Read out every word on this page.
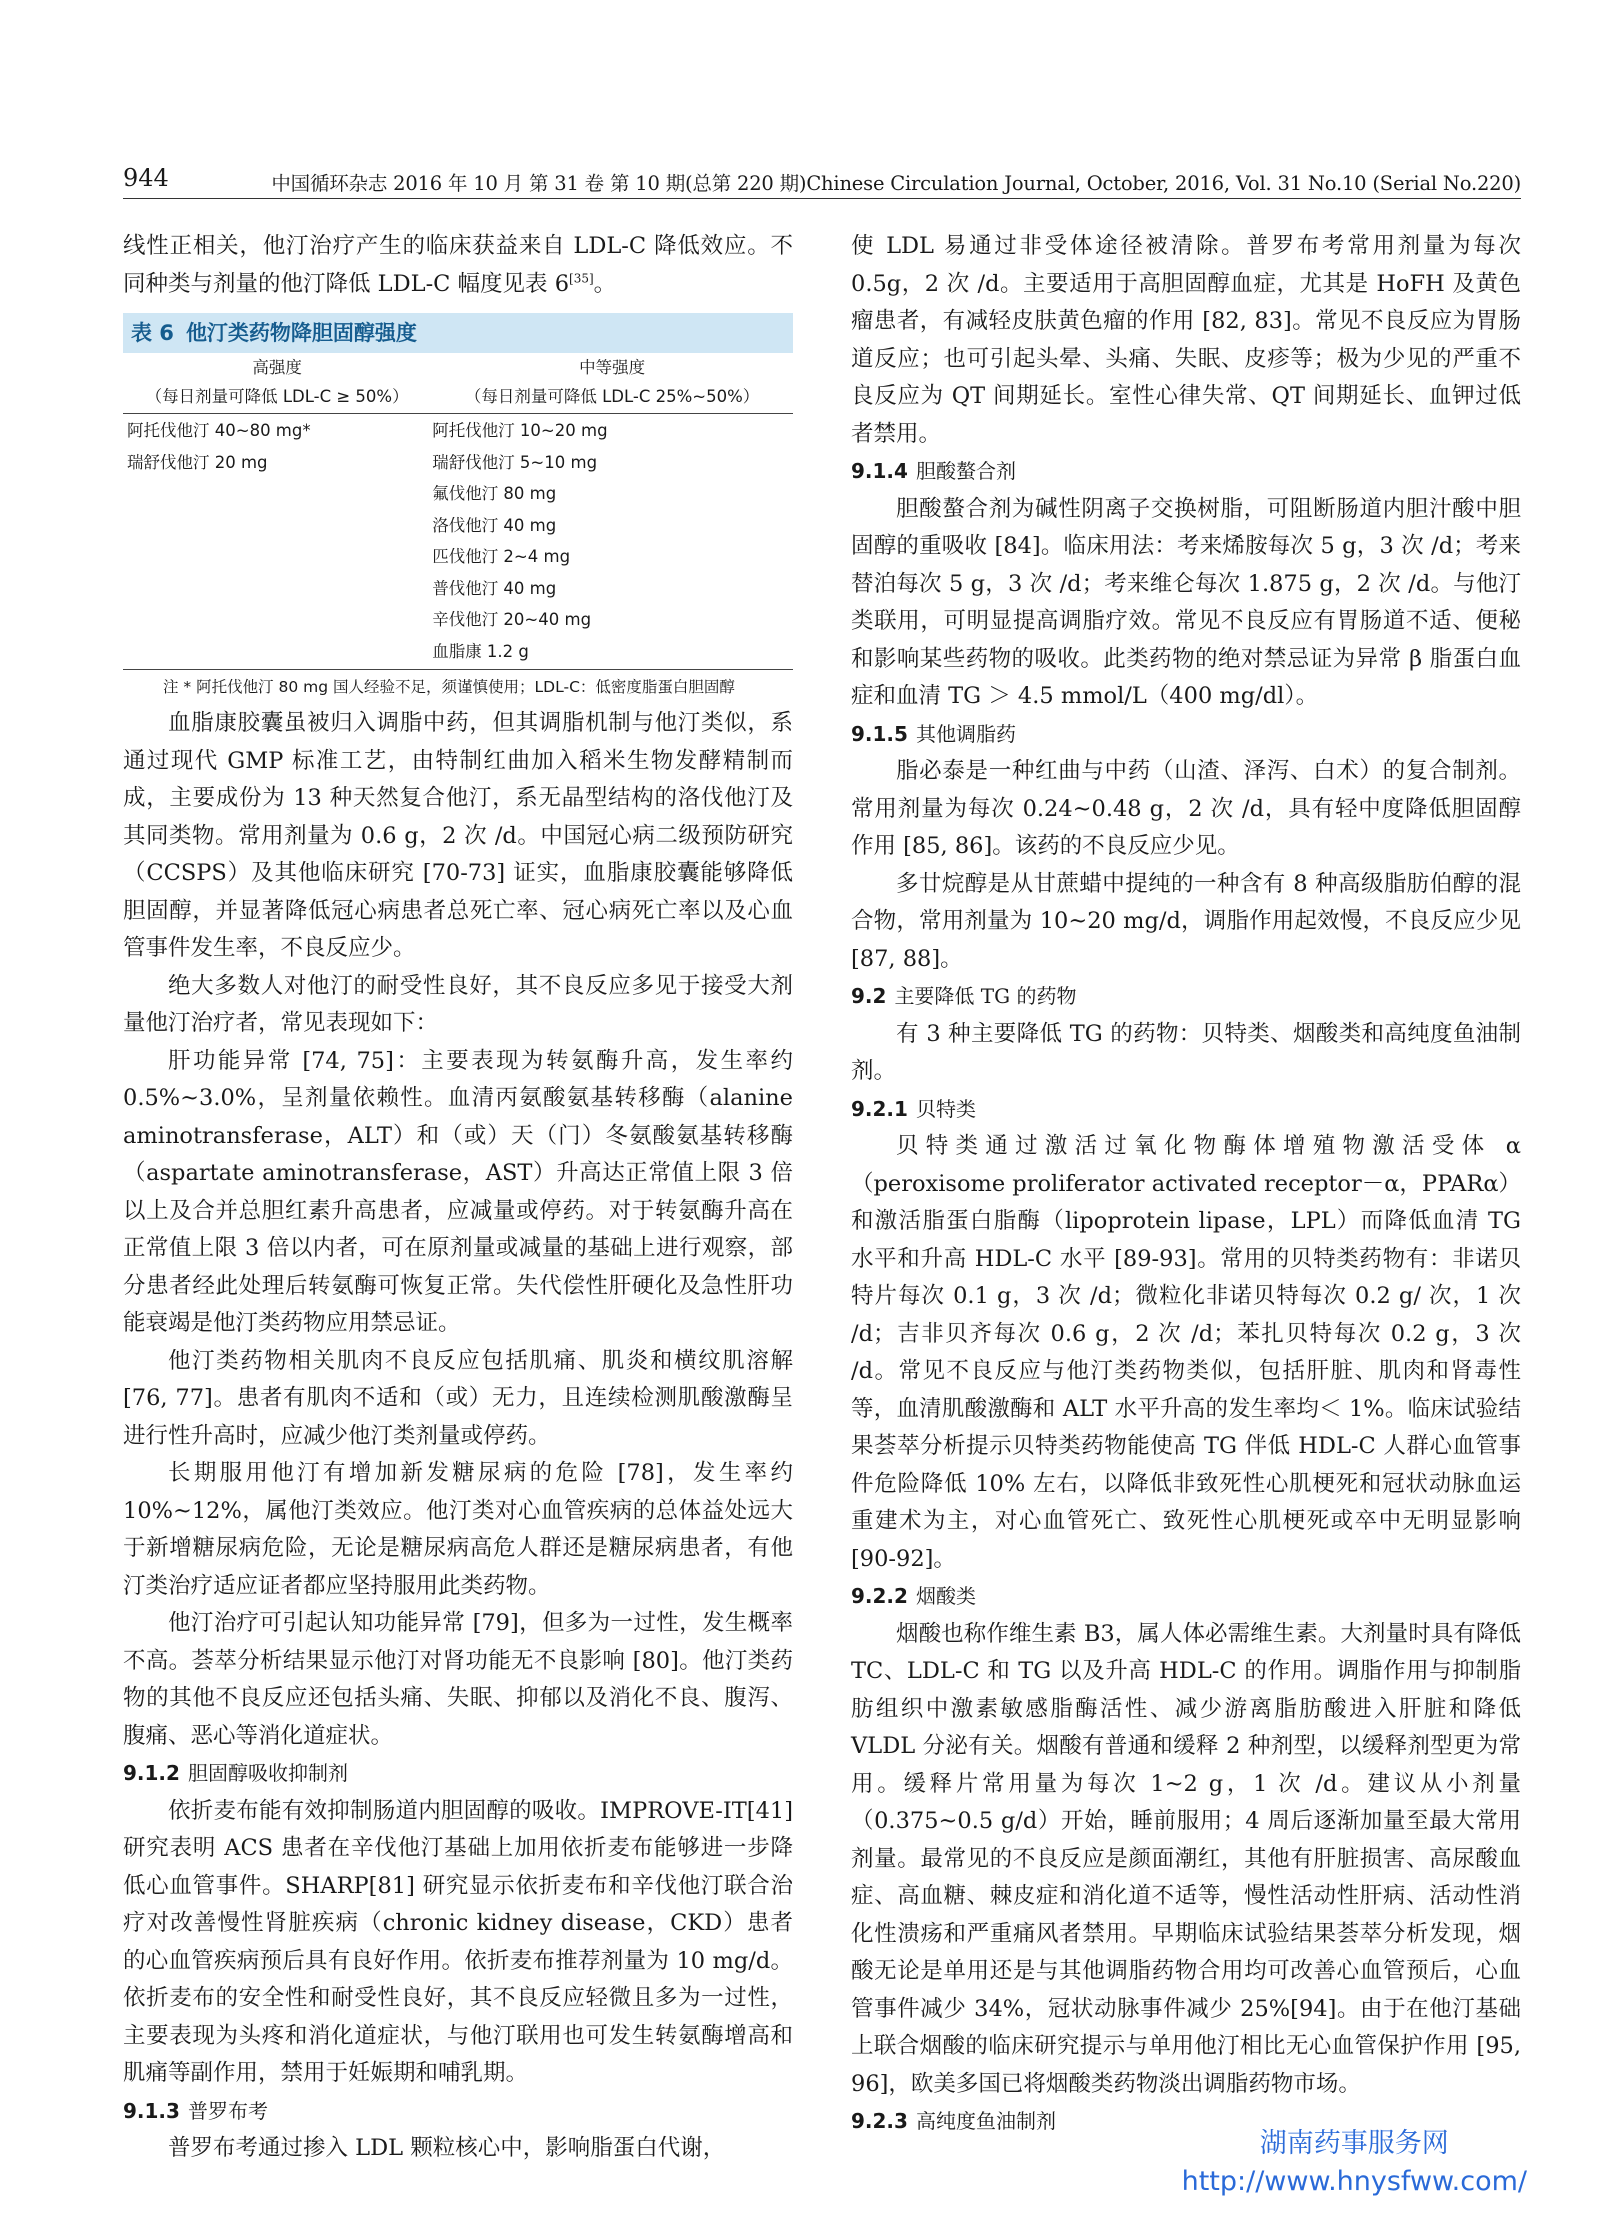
944	中国循环杂志 2016 年 10 月 第 31 卷 第 10 期(总第 220 期)Chinese Circulation Journal, October, 2016, Vol. 31 No.10 (Serial No.220)

线性正相关，他汀治疗产生的临床获益来自 LDL-C 降低效应。不同种类与剂量的他汀降低 LDL-C 幅度见表 6[35]。

表 6 他汀类药物降胆固醇强度
高强度	中等强度
（每日剂量可降低 LDL-C ≥ 50%）	（每日剂量可降低 LDL-C 25%~50%）
阿托伐他汀 40~80 mg*	阿托伐他汀 10~20 mg
瑞舒伐他汀 20 mg	瑞舒伐他汀 5~10 mg
	氟伐他汀 80 mg
	洛伐他汀 40 mg
	匹伐他汀 2~4 mg
	普伐他汀 40 mg
	辛伐他汀 20~40 mg
	血脂康 1.2 g

注 * 阿托伐他汀 80 mg 国人经验不足，须谨慎使用；LDL-C：低密度脂蛋白胆固醇

血脂康胶囊虽被归入调脂中药，但其调脂机制与他汀类似，系通过现代 GMP 标准工艺，由特制红曲加入稻米生物发酵精制而成，主要成份为 13 种天然复合他汀，系无晶型结构的洛伐他汀及其同类物。常用剂量为 0.6 g，2 次 /d。中国冠心病二级预防研究（CCSPS）及其他临床研究 [70-73] 证实，血脂康胶囊能够降低胆固醇，并显著降低冠心病患者总死亡率、冠心病死亡率以及心血管事件发生率，不良反应少。

绝大多数人对他汀的耐受性良好，其不良反应多见于接受大剂量他汀治疗者，常见表现如下：

肝功能异常 [74, 75]：主要表现为转氨酶升高，发生率约 0.5%~3.0%，呈剂量依赖性。血清丙氨酸氨基转移酶（alanine aminotransferase，ALT）和（或）天（门）冬氨酸氨基转移酶（aspartate aminotransferase，AST）升高达正常值上限 3 倍以上及合并总胆红素升高患者，应减量或停药。对于转氨酶升高在正常值上限 3 倍以内者，可在原剂量或减量的基础上进行观察，部分患者经此处理后转氨酶可恢复正常。失代偿性肝硬化及急性肝功能衰竭是他汀类药物应用禁忌证。

他汀类药物相关肌肉不良反应包括肌痛、肌炎和横纹肌溶解 [76, 77]。患者有肌肉不适和（或）无力，且连续检测肌酸激酶呈进行性升高时，应减少他汀类剂量或停药。

长期服用他汀有增加新发糖尿病的危险 [78]，发生率约 10%~12%，属他汀类效应。他汀类对心血管疾病的总体益处远大于新增糖尿病危险，无论是糖尿病高危人群还是糖尿病患者，有他汀类治疗适应证者都应坚持服用此类药物。

他汀治疗可引起认知功能异常 [79]，但多为一过性，发生概率不高。荟萃分析结果显示他汀对肾功能无不良影响 [80]。他汀类药物的其他不良反应还包括头痛、失眠、抑郁以及消化不良、腹泻、腹痛、恶心等消化道症状。

9.1.2 胆固醇吸收抑制剂

依折麦布能有效抑制肠道内胆固醇的吸收。IMPROVE-IT[41] 研究表明 ACS 患者在辛伐他汀基础上加用依折麦布能够进一步降低心血管事件。SHARP[81] 研究显示依折麦布和辛伐他汀联合治疗对改善慢性肾脏疾病（chronic kidney disease，CKD）患者的心血管疾病预后具有良好作用。依折麦布推荐剂量为 10 mg/d。依折麦布的安全性和耐受性良好，其不良反应轻微且多为一过性，主要表现为头疼和消化道症状，与他汀联用也可发生转氨酶增高和肌痛等副作用，禁用于妊娠期和哺乳期。

9.1.3 普罗布考

普罗布考通过掺入 LDL 颗粒核心中，影响脂蛋白代谢，

使 LDL 易通过非受体途径被清除。普罗布考常用剂量为每次 0.5g，2 次 /d。主要适用于高胆固醇血症，尤其是 HoFH 及黄色瘤患者，有减轻皮肤黄色瘤的作用 [82, 83]。常见不良反应为胃肠道反应；也可引起头晕、头痛、失眠、皮疹等；极为少见的严重不良反应为 QT 间期延长。室性心律失常、QT 间期延长、血钾过低者禁用。

9.1.4 胆酸螯合剂

胆酸螯合剂为碱性阴离子交换树脂，可阻断肠道内胆汁酸中胆固醇的重吸收 [84]。临床用法：考来烯胺每次 5 g，3 次 /d；考来替泊每次 5 g，3 次 /d；考来维仑每次 1.875 g，2 次 /d。与他汀类联用，可明显提高调脂疗效。常见不良反应有胃肠道不适、便秘和影响某些药物的吸收。此类药物的绝对禁忌证为异常 β 脂蛋白血症和血清 TG ＞ 4.5 mmol/L（400 mg/dl）。

9.1.5 其他调脂药

脂必泰是一种红曲与中药（山渣、泽泻、白术）的复合制剂。常用剂量为每次 0.24~0.48 g，2 次 /d，具有轻中度降低胆固醇作用 [85, 86]。该药的不良反应少见。

多廿烷醇是从甘蔗蜡中提纯的一种含有 8 种高级脂肪伯醇的混合物，常用剂量为 10~20 mg/d，调脂作用起效慢，不良反应少见 [87, 88]。

9.2 主要降低 TG 的药物

有 3 种主要降低 TG 的药物：贝特类、烟酸类和高纯度鱼油制剂。

9.2.1 贝特类

贝特类通过激活过氧化物酶体增殖物激活受体 α（peroxisome proliferator activated receptor－α，PPARα）和激活脂蛋白脂酶（lipoprotein lipase，LPL）而降低血清 TG 水平和升高 HDL-C 水平 [89-93]。常用的贝特类药物有：非诺贝特片每次 0.1 g，3 次 /d；微粒化非诺贝特每次 0.2 g/ 次，1 次 /d；吉非贝齐每次 0.6 g，2 次 /d；苯扎贝特每次 0.2 g，3 次 /d。常见不良反应与他汀类药物类似，包括肝脏、肌肉和肾毒性等，血清肌酸激酶和 ALT 水平升高的发生率均＜ 1%。临床试验结果荟萃分析提示贝特类药物能使高 TG 伴低 HDL-C 人群心血管事件危险降低 10% 左右，以降低非致死性心肌梗死和冠状动脉血运重建术为主，对心血管死亡、致死性心肌梗死或卒中无明显影响 [90-92]。

9.2.2 烟酸类

烟酸也称作维生素 B3，属人体必需维生素。大剂量时具有降低 TC、LDL-C 和 TG 以及升高 HDL-C 的作用。调脂作用与抑制脂肪组织中激素敏感脂酶活性、减少游离脂肪酸进入肝脏和降低 VLDL 分泌有关。烟酸有普通和缓释 2 种剂型，以缓释剂型更为常用。缓释片常用量为每次 1~2 g，1 次 /d。建议从小剂量（0.375~0.5 g/d）开始，睡前服用；4 周后逐渐加量至最大常用剂量。最常见的不良反应是颜面潮红，其他有肝脏损害、高尿酸血症、高血糖、棘皮症和消化道不适等，慢性活动性肝病、活动性消化性溃疡和严重痛风者禁用。早期临床试验结果荟萃分析发现，烟酸无论是单用还是与其他调脂药物合用均可改善心血管预后，心血管事件减少 34%，冠状动脉事件减少 25%[94]。由于在他汀基础上联合烟酸的临床研究提示与单用他汀相比无心血管保护作用 [95, 96]，欧美多国已将烟酸类药物淡出调脂药物市场。

9.2.3 高纯度鱼油制剂

湖南药事服务网
http://www.hnysfww.com/
